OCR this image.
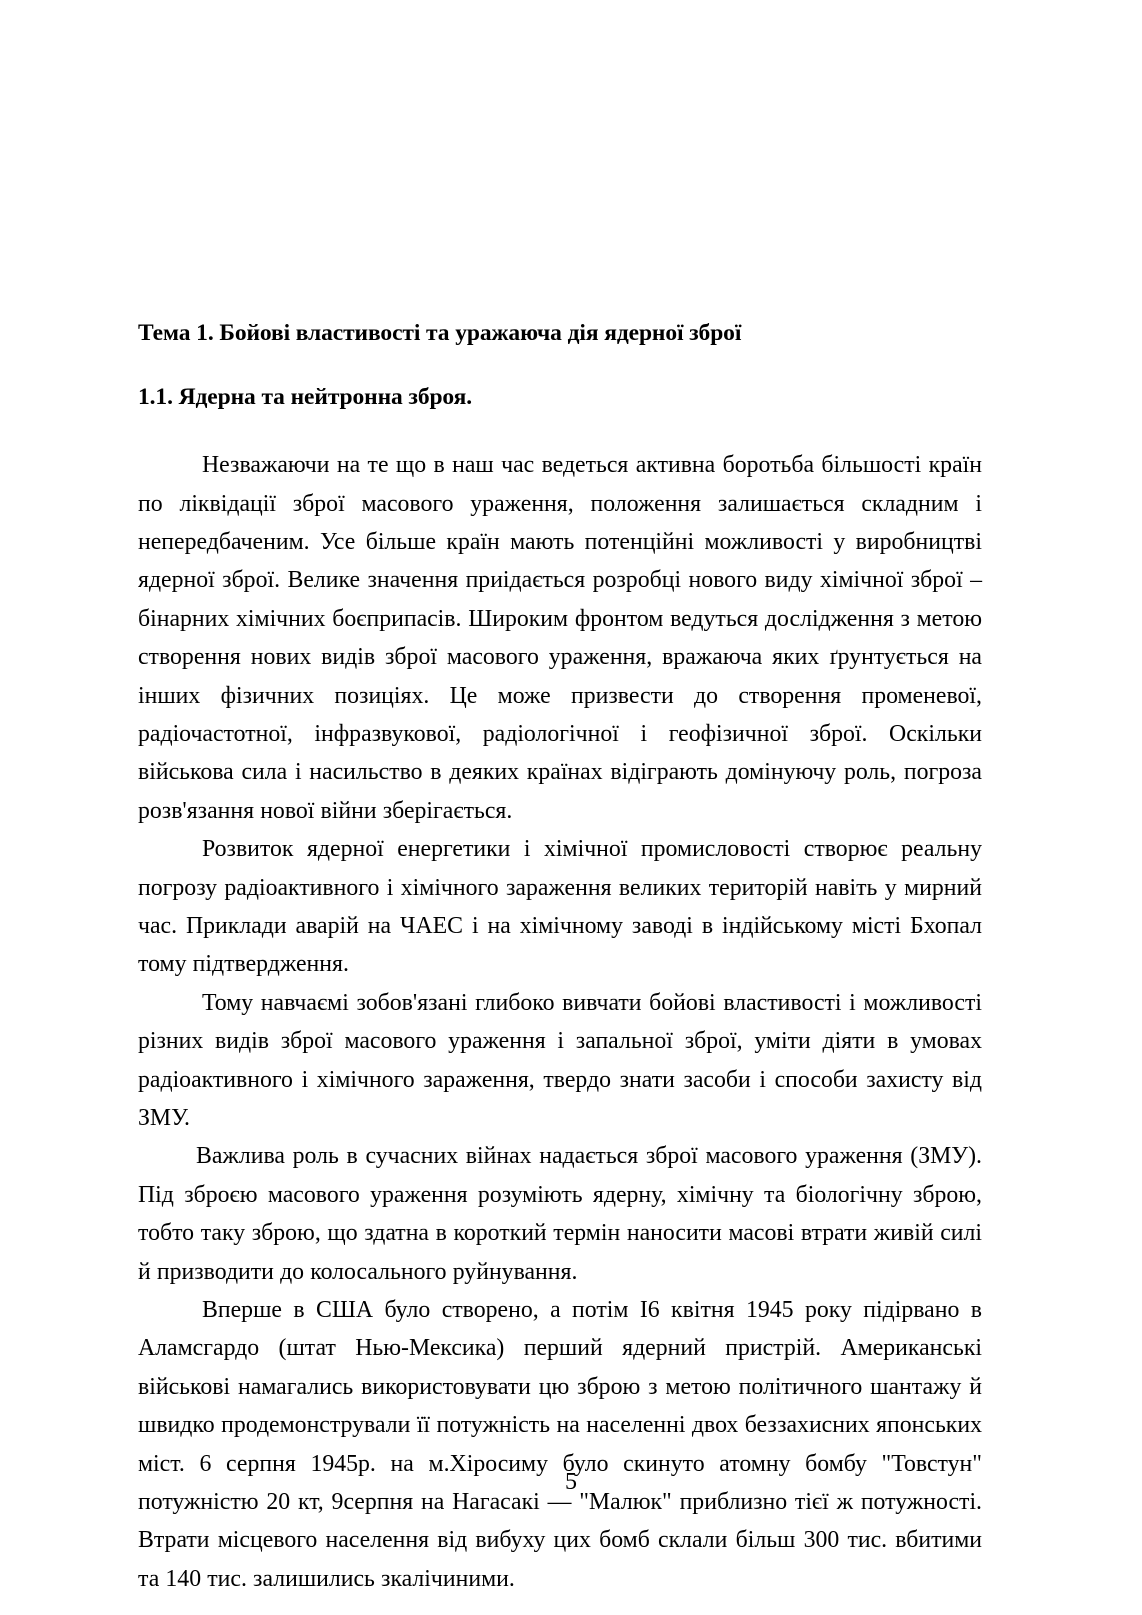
Тема 1. Бойові властивості та уражаюча дія ядерної зброї
1.1. Ядерна та нейтронна зброя.

Незважаючи на те що в наш час ведеться активна боротьба більшості країн по ліквідації зброї масового ураження, положення залишається складним і непередбаченим. Усе більше країн мають потенційні можливості у виробництві ядерної зброї. Велике значення приідається розробці нового виду хімічної зброї – бінарних хімічних боєприпасів. Широким фронтом ведуться дослідження з метою створення нових видів зброї масового ураження, вражаюча яких ґрунтується на інших фізичних позиціях. Це може призвести до створення променевої, радіочастотної, інфразвукової, радіологічної і геофізичної зброї. Оскільки військова сила і насильство в деяких країнах відіграють домінуючу роль, погроза розв'язання нової війни зберігається.

Розвиток ядерної енергетики і хімічної промисловості створює реальну погрозу радіоактивного і хімічного зараження великих територій навіть у мирний час. Приклади аварій на ЧАЕС і на хімічному заводі в індійському місті Бхопал тому підтвердження.

Тому навчаємі зобов'язані глибоко вивчати бойові властивості і можливості різних видів зброї масового ураження і запальної зброї, уміти діяти в умовах радіоактивного і хімічного зараження, твердо знати засоби і способи захисту від ЗМУ.

Важлива роль в сучасних війнах надається зброї масового ураження (ЗМУ). Під зброєю масового ураження розуміють ядерну, хімічну та біологічну зброю, тобто таку зброю, що здатна в короткий термін наносити масові втрати живій силі й призводити до колосального руйнування.

Вперше в США було створено, а потім І6 квітня 1945 року підірвано в Аламсгардо (штат Нью-Мексика) перший ядерний пристрій. Американські військові намагались використовувати цю зброю з метою політичного шантажу й швидко продемонстрували її потужність на населенні двох беззахисних японських міст. 6 серпня 1945р. на м.Хіросиму було скинуто атомну бомбу "Товстун" потужністю 20 кт, 9серпня на Нагасакі — "Малюк" приблизно тієї ж потужності. Втрати місцевого населення від вибуху цих бомб склали більш 300 тис. вбитими та 140 тис. залишились зкалічиними.

5
